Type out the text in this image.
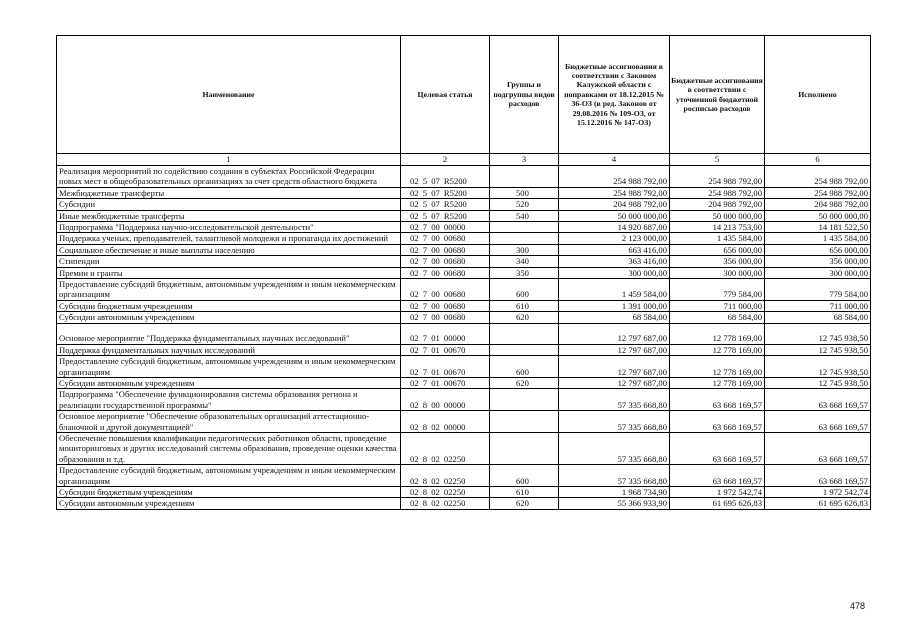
Наименование	Целевая статья	Группы и подгруппы видов расходов	Бюджетные ассигнования в соответствии с Законом Калужской области с поправками от 18.12.2015 № 36-ОЗ (в ред. Законов от 29.08.2016 № 109-ОЗ, от 15.12.2016 № 147-ОЗ)	Бюджетные ассигнования в соответствии с уточненной бюджетной росписью расходов	Исполнено
1	2	3	4	5	6
Реализация мероприятий по содействию создания в субъектах Российской Федерации новых мест в общеобразовательных организациях за счет средств областного бюджета	02 5 07 R5200		254 988 792,00	254 988 792,00	254 988 792,00
Межбюджетные трансферты	02 5 07 R5200	500	254 988 792,00	254 988 792,00	254 988 792,00
Субсидии	02 5 07 R5200	520	204 988 792,00	204 988 792,00	204 988 792,00
Иные межбюджетные трансферты	02 5 07 R5200	540	50 000 000,00	50 000 000,00	50 000 000,00
Подпрограмма "Поддержка научно-исследовательской деятельности"	02 7 00 00000		14 920 687,00	14 213 753,00	14 181 522,50
Поддержка ученых, преподавателей, талантливой молодежи и пропаганда их достижений	02 7 00 00680		2 123 000,00	1 435 584,00	1 435 584,00
Социальное обеспечение и иные выплаты населению	02 7 00 00680	300	663 416,00	656 000,00	656 000,00
Стипендии	02 7 00 00680	340	363 416,00	356 000,00	356 000,00
Премии и гранты	02 7 00 00680	350	300 000,00	300 000,00	300 000,00
Предоставление субсидий бюджетным, автономным учреждениям и иным некоммерческим организациям	02 7 00 00680	600	1 459 584,00	779 584,00	779 584,00
Субсидии бюджетным учреждениям	02 7 00 00680	610	1 391 000,00	711 000,00	711 000,00
Субсидии автономным учреждениям	02 7 00 00680	620	68 584,00	68 584,00	68 584,00
Основное мероприятие "Поддержка фундаментальных научных исследований"	02 7 01 00000		12 797 687,00	12 778 169,00	12 745 938,50
Поддержка фундаментальных научных исследований	02 7 01 00670		12 797 687,00	12 778 169,00	12 745 938,50
Предоставление субсидий бюджетным, автономным учреждениям и иным некоммерческим организациям	02 7 01 00670	600	12 797 687,00	12 778 169,00	12 745 938,50
Субсидии автономным учреждениям	02 7 01 00670	620	12 797 687,00	12 778 169,00	12 745 938,50
Подпрограмма "Обеспечение функционирования системы образования региона и реализации государственной программы"	02 8 00 00000		57 335 668,80	63 668 169,57	63 668 169,57
Основное мероприятие "Обеспечение образовательных организаций аттестационно-бланочной и другой документацией"	02 8 02 00000		57 335 668,80	63 668 169,57	63 668 169,57
Обеспечение повышения квалификации педагогических работников области, проведение мониторинговых и других исследований системы образования, проведение оценки качества образования и т.д.	02 8 02 02250		57 335 668,80	63 668 169,57	63 668 169,57
Предоставление субсидий бюджетным, автономным учреждениям и иным некоммерческим организациям	02 8 02 02250	600	57 335 668,80	63 668 169,57	63 668 169,57
Субсидии бюджетным учреждениям	02 8 02 02250	610	1 968 734,90	1 972 542,74	1 972 542,74
Субсидии автономным учреждениям	02 8 02 02250	620	55 366 933,90	61 695 626,83	61 695 626,83
478
